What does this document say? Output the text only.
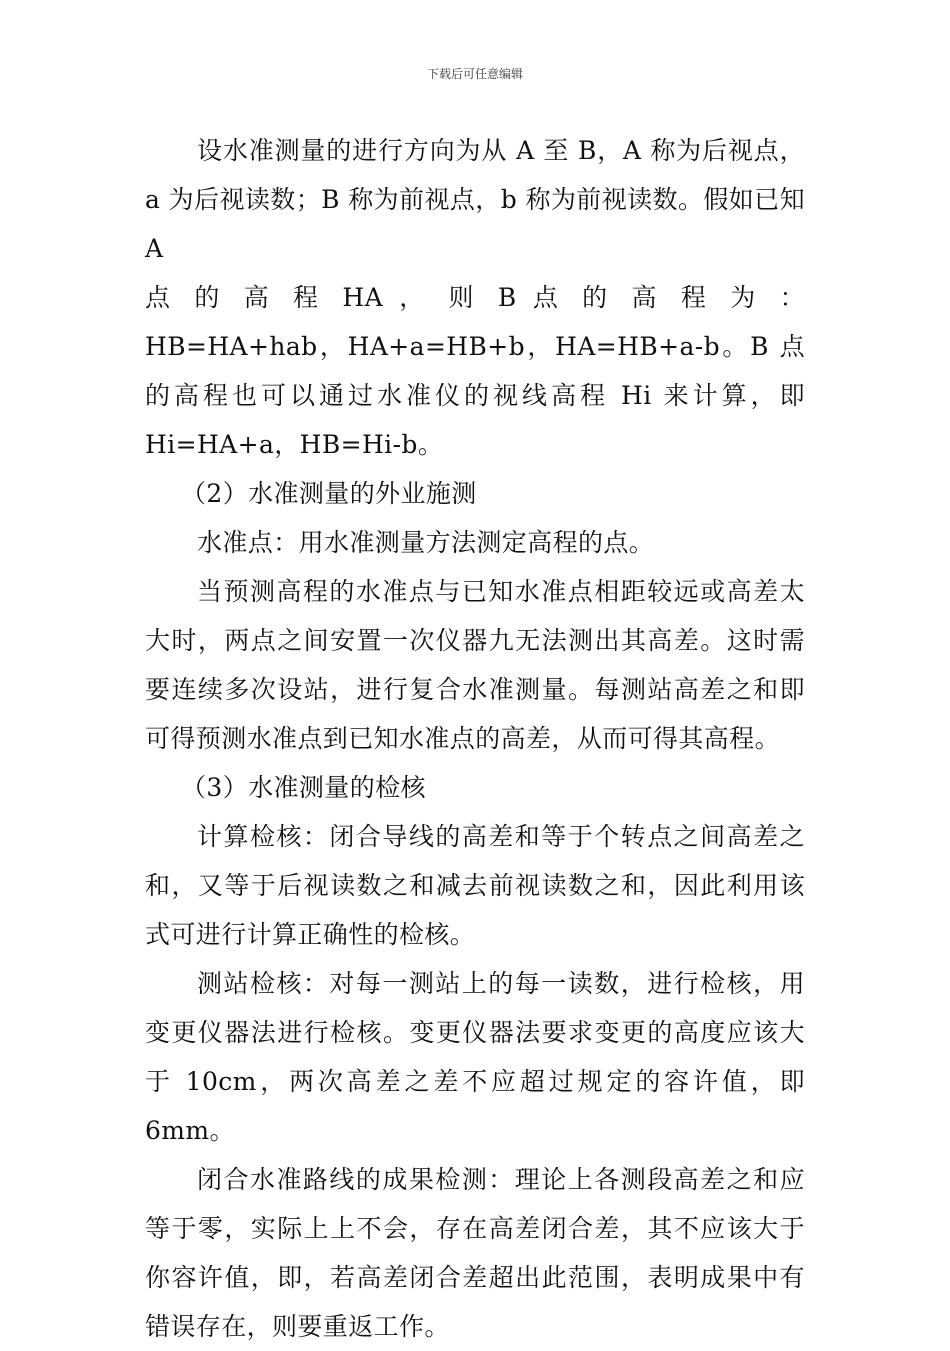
下载后可任意编辑

设水准测量的进行方向为从 A 至 B，A 称为后视点，a 为后视读数；B 称为前视点，b 称为前视读数。假如已知 A

点 的 高 程 HA ， 则 B 点 的 高 程 为 ：

HB=HA+hab，HA+a=HB+b，HA=HB+a-b。B 点的高程也可以通过水准仪的视线高程 Hi 来计算，即 Hi=HA+a，HB=Hi-b。

（2）水准测量的外业施测

水准点：用水准测量方法测定高程的点。

当预测高程的水准点与已知水准点相距较远或高差太大时，两点之间安置一次仪器九无法测出其高差。这时需要连续多次设站，进行复合水准测量。每测站高差之和即可得预测水准点到已知水准点的高差，从而可得其高程。

（3）水准测量的检核

计算检核：闭合导线的高差和等于个转点之间高差之和，又等于后视读数之和减去前视读数之和，因此利用该式可进行计算正确性的检核。

测站检核：对每一测站上的每一读数，进行检核，用变更仪器法进行检核。变更仪器法要求变更的高度应该大于 10cm，两次高差之差不应超过规定的容许值，即 6mm。

闭合水准路线的成果检测：理论上各测段高差之和应等于零，实际上上不会，存在高差闭合差，其不应该大于你容许值，即，若高差闭合差超出此范围，表明成果中有错误存在，则要重返工作。
